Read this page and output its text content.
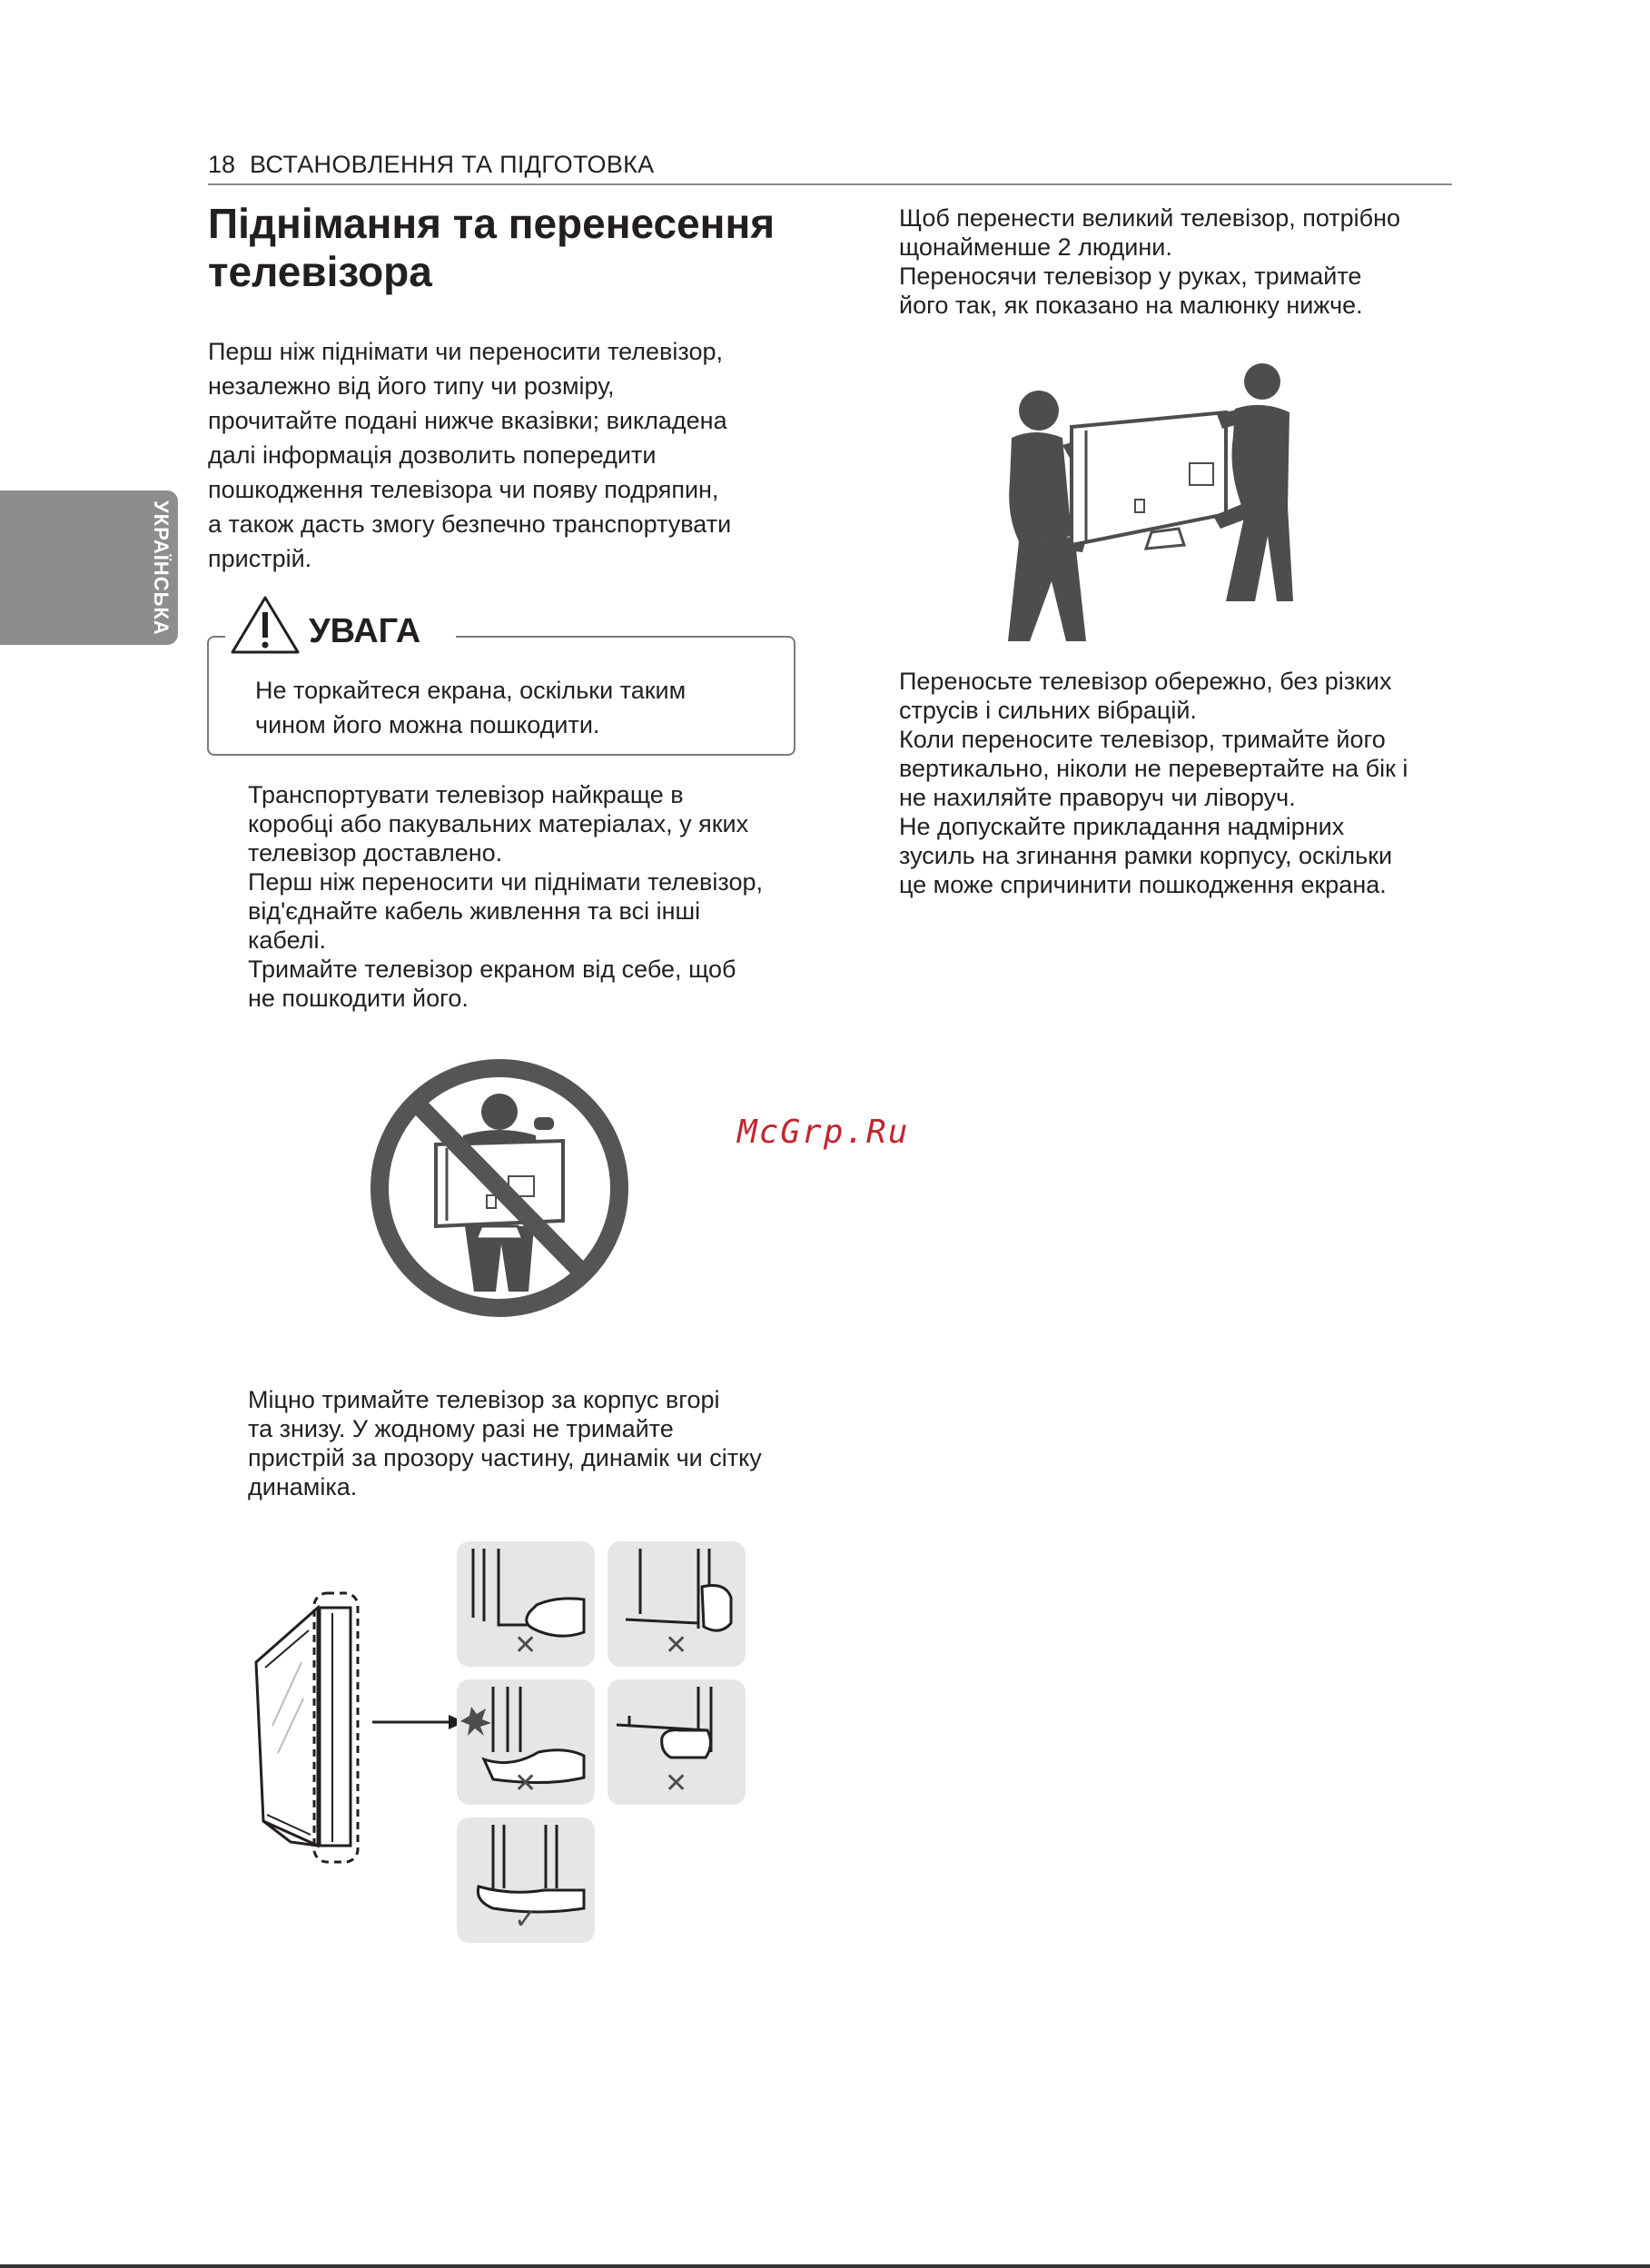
18 ВСТАНОВЛЕННЯ ТА ПІДГОТОВКА
УКРАЇНСЬКА
Піднімання та перенесення
телевізора

Перш ніж піднімати чи переносити телевізор,
незалежно від його типу чи розміру,
прочитайте подані нижче вказівки; викладена
далі інформація дозволить попередити
пошкодження телевізора чи появу подряпин,
а також дасть змогу безпечно транспортувати
пристрій.

УВАГА

Не торкайтеся екрана, оскільки таким
чином його можна пошкодити.

Транспортувати телевізор найкраще в
коробці або пакувальних матеріалах, у яких
телевізор доставлено.
Перш ніж переносити чи піднімати телевізор,
від'єднайте кабель живлення та всі інші
кабелі.
Тримайте телевізор екраном від себе, щоб
не пошкодити його.

Міцно тримайте телевізор за корпус вгорі
та знизу. У жодному разі не тримайте
пристрій за прозору частину, динамік чи сітку
динаміка.

✕	✕
✕	✕
✓

Щоб перенести великий телевізор, потрібно
щонайменше 2 людини.
Переносячи телевізор у руках, тримайте
його так, як показано на малюнку нижче.

Переносьте телевізор обережно, без різких
струсів і сильних вібрацій.
Коли переносите телевізор, тримайте його
вертикально, ніколи не перевертайте на бік і
не нахиляйте праворуч чи ліворуч.
Не допускайте прикладання надмірних
зусиль на згинання рамки корпусу, оскільки
це може спричинити пошкодження екрана.

McGrp.Ru
